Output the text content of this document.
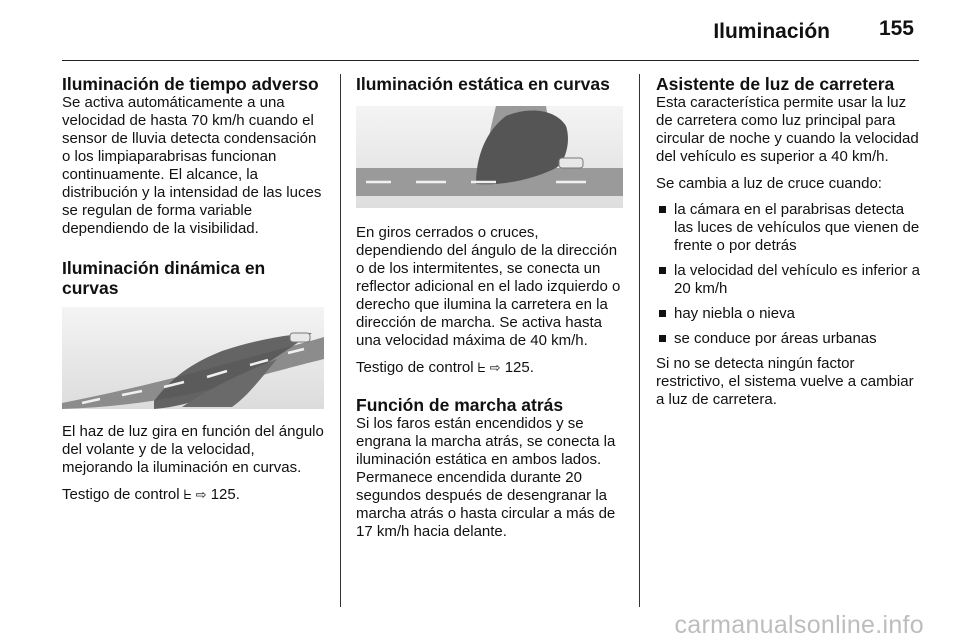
Iluminación 155

Iluminación de tiempo adverso

Se activa automáticamente a una velocidad de hasta 70 km/h cuando el sensor de lluvia detecta condensación o los limpiaparabrisas funcionan continuamente. El alcance, la distribución y la intensidad de las luces se regulan de forma variable dependiendo de la visibilidad.

Iluminación dinámica en curvas

El haz de luz gira en función del ángulo del volante y de la velocidad, mejorando la iluminación en curvas.

Testigo de control ᖶ ⇨ 125.

Iluminación estática en curvas

En giros cerrados o cruces, dependiendo del ángulo de la dirección o de los intermitentes, se conecta un reflector adicional en el lado izquierdo o derecho que ilumina la carretera en la dirección de marcha. Se activa hasta una velocidad máxima de 40 km/h.

Testigo de control ᖶ ⇨ 125.

Función de marcha atrás

Si los faros están encendidos y se engrana la marcha atrás, se conecta la iluminación estática en ambos lados. Permanece encendida durante 20 segundos después de desengranar la marcha atrás o hasta circular a más de 17 km/h hacia delante.

Asistente de luz de carretera

Esta característica permite usar la luz de carretera como luz principal para circular de noche y cuando la velocidad del vehículo es superior a 40 km/h.

Se cambia a luz de cruce cuando:

la cámara en el parabrisas detecta las luces de vehículos que vienen de frente o por detrás
la velocidad del vehículo es inferior a 20 km/h
hay niebla o nieva
se conduce por áreas urbanas

Si no se detecta ningún factor restrictivo, el sistema vuelve a cambiar a luz de carretera.

carmanualsonline.info
